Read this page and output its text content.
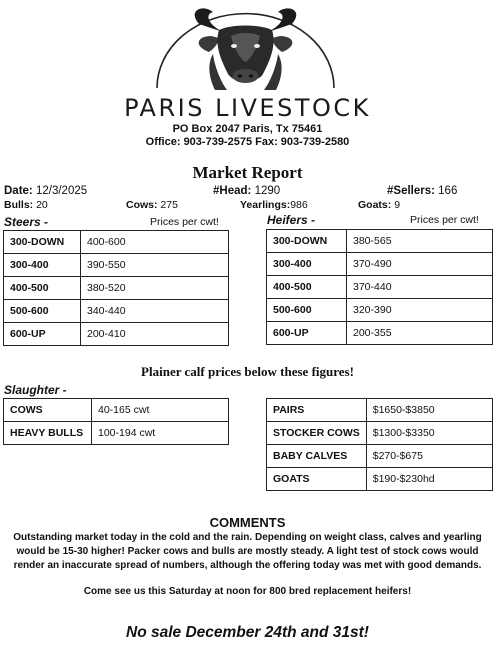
PARIS LIVESTOCK
PO Box 2047 Paris, Tx 75461
Office: 903-739-2575 Fax: 903-739-2580
Market Report
Date: 12/3/2025	#Head: 1290	#Sellers: 166
Bulls: 20	Cows: 275	Yearlings:986	Goats: 9
Steers -	Prices per cwt!
300-DOWN	400-600
300-400	390-550
400-500	380-520
500-600	340-440
600-UP	200-410
Heifers -	Prices per cwt!
300-DOWN	380-565
300-400	370-490
400-500	370-440
500-600	320-390
600-UP	200-355
Plainer calf prices below these figures!
Slaughter -
COWS	40-165 cwt
HEAVY BULLS	100-194 cwt
PAIRS	$1650-$3850
STOCKER COWS	$1300-$3350
BABY CALVES	$270-$675
GOATS	$190-$230hd
COMMENTS
Outstanding market today in the cold and the rain. Depending on weight class, calves and yearling would be 15-30 higher! Packer cows and bulls are mostly steady. A light test of stock cows would render an inaccurate spread of numbers, although the offering today was met with good demands.
Come see us this Saturday at noon for 800 bred replacement heifers!
No sale December 24th and 31st!
